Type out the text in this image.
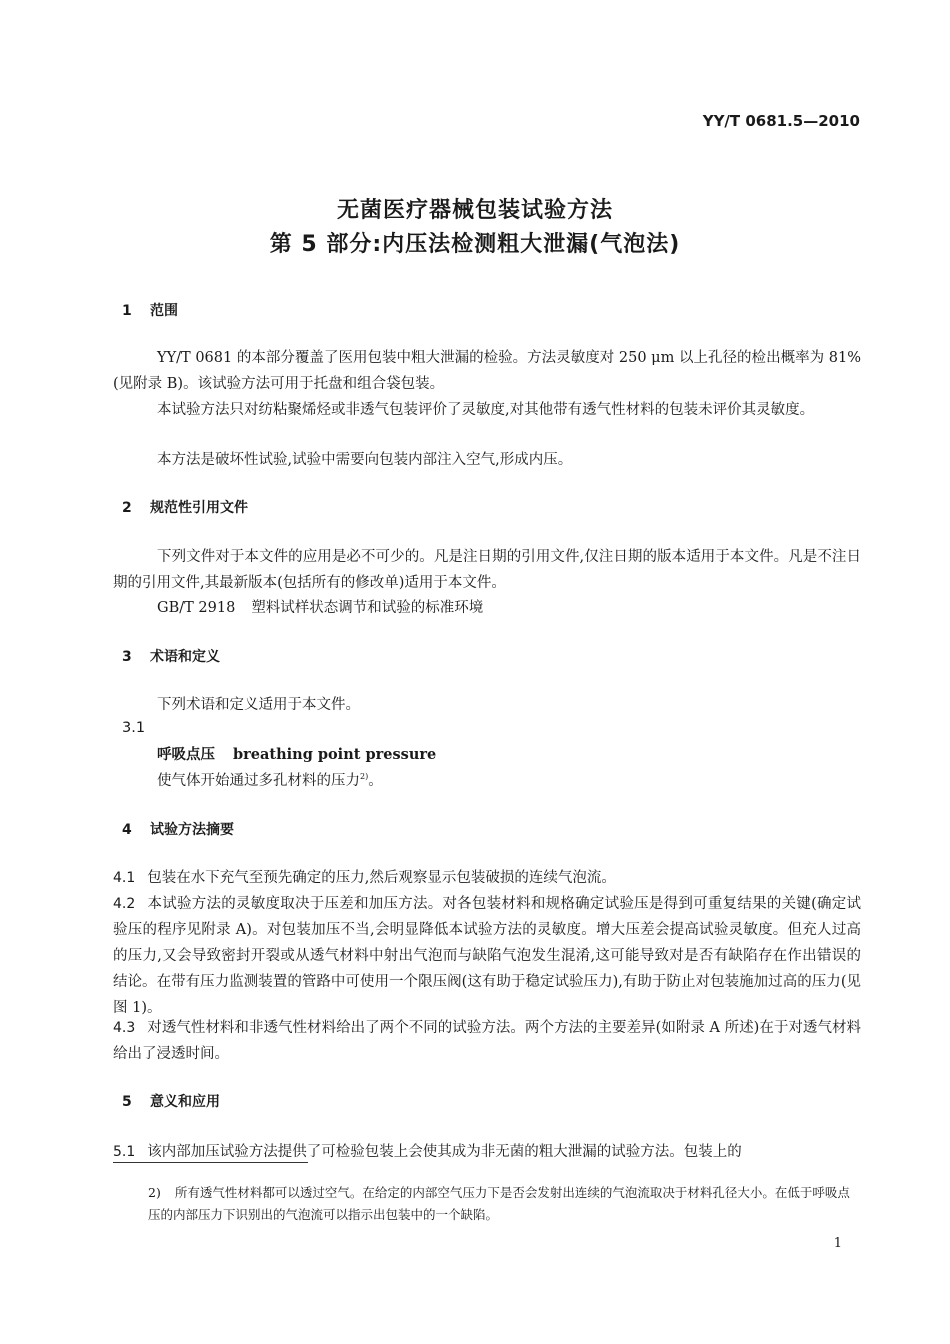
YY/T 0681.5—2010
无菌医疗器械包装试验方法
第 5 部分:内压法检测粗大泄漏(气泡法)
1 范围
YY/T 0681 的本部分覆盖了医用包装中粗大泄漏的检验。方法灵敏度对 250 μm 以上孔径的检出概率为 81%(见附录 B)。该试验方法可用于托盘和组合袋包装。
本试验方法只对纺粘聚烯烃或非透气包装评价了灵敏度,对其他带有透气性材料的包装未评价其灵敏度。
本方法是破坏性试验,试验中需要向包装内部注入空气,形成内压。
2 规范性引用文件
下列文件对于本文件的应用是必不可少的。凡是注日期的引用文件,仅注日期的版本适用于本文件。凡是不注日期的引用文件,其最新版本(包括所有的修改单)适用于本文件。
GB/T 2918 塑料试样状态调节和试验的标准环境
3 术语和定义
下列术语和定义适用于本文件。
3.1
呼吸点压 breathing point pressure
使气体开始通过多孔材料的压力$^{2)}$。
4 试验方法摘要
4.1 包装在水下充气至预先确定的压力,然后观察显示包装破损的连续气泡流。
4.2 本试验方法的灵敏度取决于压差和加压方法。对各包装材料和规格确定试验压是得到可重复结果的关键(确定试验压的程序见附录 A)。对包装加压不当,会明显降低本试验方法的灵敏度。增大压差会提高试验灵敏度。但充人过高的压力,又会导致密封开裂或从透气材料中射出气泡而与缺陷气泡发生混淆,这可能导致对是否有缺陷存在作出错误的结论。在带有压力监测装置的管路中可使用一个限压阀(这有助于稳定试验压力),有助于防止对包装施加过高的压力(见图 1)。
4.3 对透气性材料和非透气性材料给出了两个不同的试验方法。两个方法的主要差异(如附录 A 所述)在于对透气材料给出了浸透时间。
5 意义和应用
5.1 该内部加压试验方法提供了可检验包装上会使其成为非无菌的粗大泄漏的试验方法。包装上的
2) 所有透气性材料都可以透过空气。在给定的内部空气压力下是否会发射出连续的气泡流取决于材料孔径大小。在低于呼吸点压的内部压力下识别出的气泡流可以指示出包装中的一个缺陷。
1
